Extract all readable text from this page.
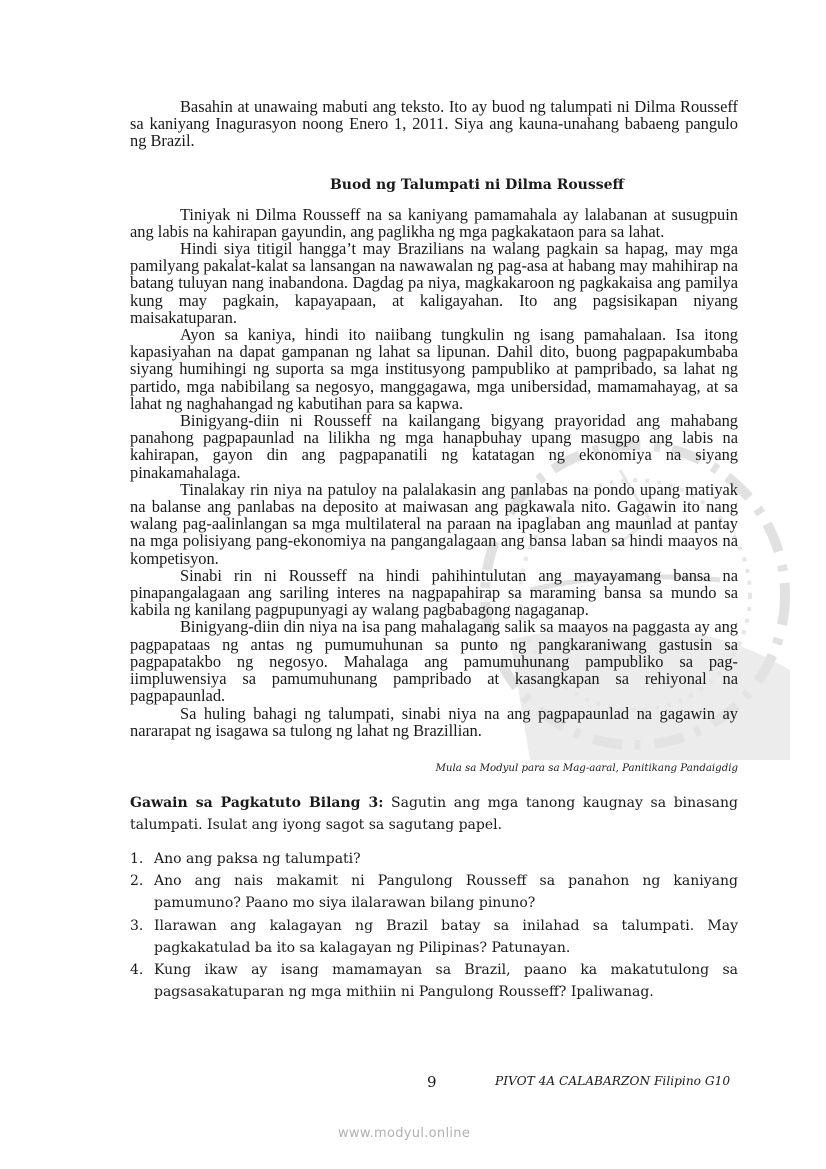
Basahin at unawaing mabuti ang teksto. Ito ay buod ng talumpati ni Dilma Rousseff sa kaniyang Inagurasyon noong Enero 1, 2011. Siya ang kauna-unahang babaeng pangulo ng Brazil.

Buod ng Talumpati ni Dilma Rousseff

Tiniyak ni Dilma Rousseff na sa kaniyang pamamahala ay lalabanan at susugpuin ang labis na kahirapan gayundin, ang paglikha ng mga pagkakataon para sa lahat.

Hindi siya titigil hangga’t may Brazilians na walang pagkain sa hapag, may mga pamilyang pakalat-kalat sa lansangan na nawawalan ng pag-asa at habang may mahihirap na batang tuluyan nang inabandona. Dagdag pa niya, magkakaroon ng pagkakaisa ang pamilya kung may pagkain, kapayapaan, at kaligayahan. Ito ang pagsisikapan niyang maisakatuparan.

Ayon sa kaniya, hindi ito naiibang tungkulin ng isang pamahalaan. Isa itong kapasiyahan na dapat gampanan ng lahat sa lipunan. Dahil dito, buong pagpapakumbaba siyang humihingi ng suporta sa mga institusyong pampubliko at pampribado, sa lahat ng partido, mga nabibilang sa negosyo, manggagawa, mga unibersidad, mamamahayag, at sa lahat ng naghahangad ng kabutihan para sa kapwa.

Binigyang-diin ni Rousseff na kailangang bigyang prayoridad ang mahabang panahong pagpapaunlad na lilikha ng mga hanapbuhay upang masugpo ang labis na kahirapan, gayon din ang pagpapanatili ng katatagan ng ekonomiya na siyang pinakamahalaga.

Tinalakay rin niya na patuloy na palalakasin ang panlabas na pondo upang matiyak na balanse ang panlabas na deposito at maiwasan ang pagkawala nito. Gagawin ito nang walang pag-aalinlangan sa mga multilateral na paraan na ipaglaban ang maunlad at pantay na mga polisiyang pang-ekonomiya na pangangalagaan ang bansa laban sa hindi maayos na kompetisyon.

Sinabi rin ni Rousseff na hindi pahihintulutan ang mayayamang bansa na pinapangalagaan ang sariling interes na nagpapahirap sa maraming bansa sa mundo sa kabila ng kanilang pagpupunyagi ay walang pagbabagong nagaganap.

Binigyang-diin din niya na isa pang mahalagang salik sa maayos na paggasta ay ang pagpapataas ng antas ng pumumuhunan sa punto ng pangkaraniwang gastusin sa pagpapatakbo ng negosyo. Mahalaga ang pamumuhunang pampubliko sa pag-iimpluwensiya sa pamumuhunang pampribado at kasangkapan sa rehiyonal na pagpapaunlad.

Sa huling bahagi ng talumpati, sinabi niya na ang pagpapaunlad na gagawin ay nararapat ng isagawa sa tulong ng lahat ng Brazillian.

Mula sa Modyul para sa Mag-aaral, Panitikang Pandaigdig

Gawain sa Pagkatuto Bilang 3: Sagutin ang mga tanong kaugnay sa binasang talumpati. Isulat ang iyong sagot sa sagutang papel.

1. Ano ang paksa ng talumpati?
2. Ano ang nais makamit ni Pangulong Rousseff sa panahon ng kaniyang pamumuno? Paano mo siya ilalarawan bilang pinuno?
3. Ilarawan ang kalagayan ng Brazil batay sa inilahad sa talumpati. May pagkakatulad ba ito sa kalagayan ng Pilipinas? Patunayan.
4. Kung ikaw ay isang mamamayan sa Brazil, paano ka makatutulong sa pagsasakatuparan ng mga mithiin ni Pangulong Rousseff? Ipaliwanag.
9	PIVOT 4A CALABARZON Filipino G10
www.modyul.online
